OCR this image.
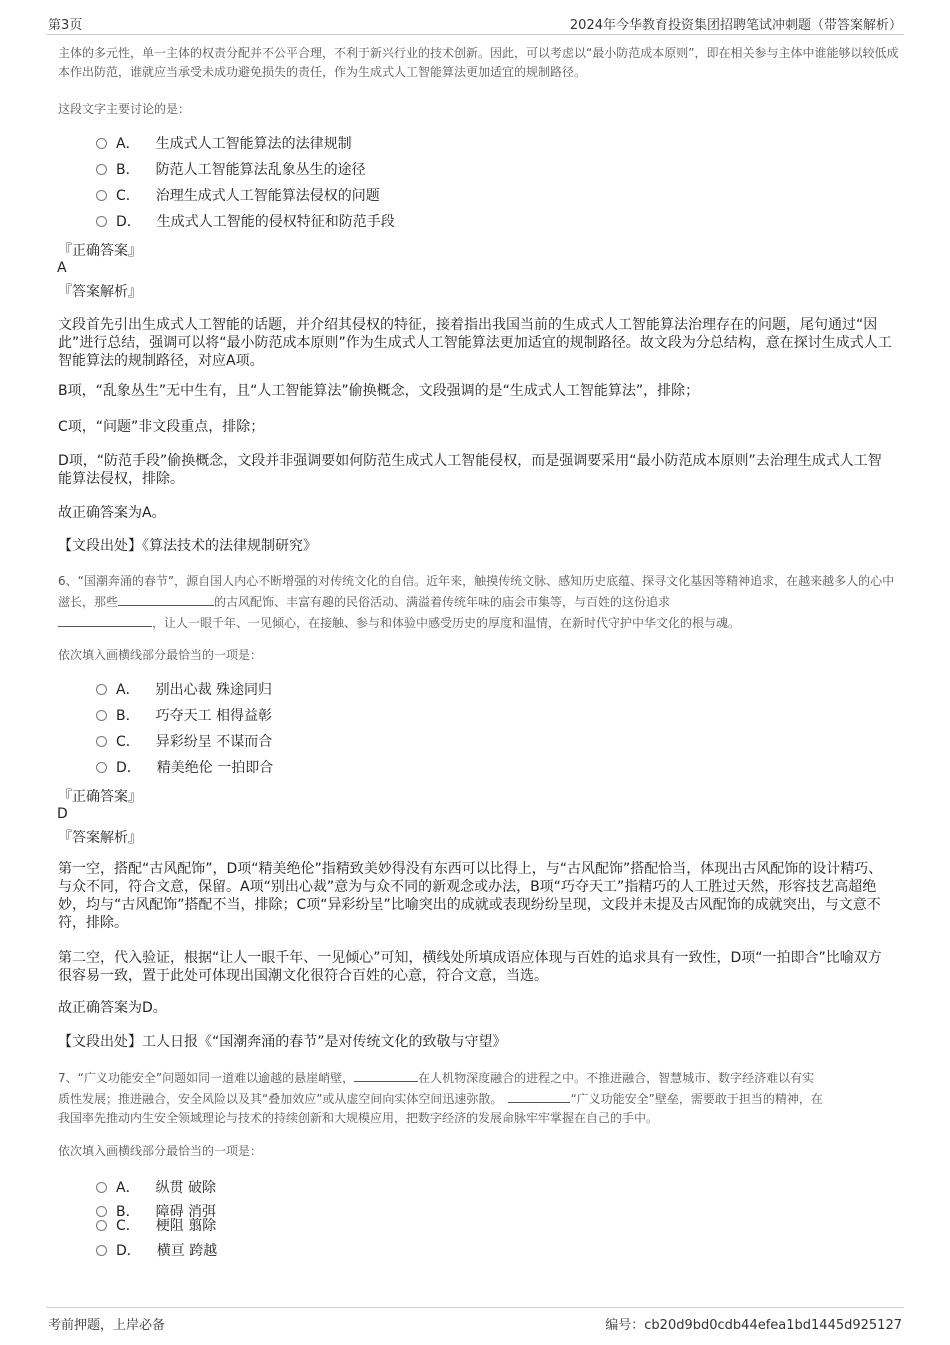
第3页	2024年今华教育投资集团招聘笔试冲刺题（带答案解析）
主体的多元性，单一主体的权责分配并不公平合理，不利于新兴行业的技术创新。因此，可以考虑以“最小防范成本原则”，即在相关参与主体中谁能够以较低成本作出防范，谁就应当承受未成功避免损失的责任，作为生成式人工智能算法更加适宜的规制路径。
这段文字主要讨论的是：
A． 生成式人工智能算法的法律规制
B． 防范人工智能算法乱象丛生的途径
C． 治理生成式人工智能算法侵权的问题
D． 生成式人工智能的侵权特征和防范手段
『正确答案』
A
『答案解析』
文段首先引出生成式人工智能的话题，并介绍其侵权的特征，接着指出我国当前的生成式人工智能算法治理存在的问题，尾句通过“因此”进行总结，强调可以将“最小防范成本原则”作为生成式人工智能算法更加适宜的规制路径。故文段为分总结构，意在探讨生成式人工智能算法的规制路径，对应A项。
B项，“乱象丛生”无中生有，且“人工智能算法”偷换概念，文段强调的是“生成式人工智能算法”，排除；
C项，“问题”非文段重点，排除；
D项，“防范手段”偷换概念，文段并非强调要如何防范生成式人工智能侵权，而是强调要采用“最小防范成本原则”去治理生成式人工智能算法侵权，排除。
故正确答案为A。
【文段出处】《算法技术的法律规制研究》
6、“国潮奔涌的春节”，源自国人内心不断增强的对传统文化的自信。近年来，触摸传统文脉、感知历史底蕴、探寻文化基因等精神追求，在越来越多人的心中滋长，那些	的古风配饰、丰富有趣的民俗活动、满溢着传统年味的庙会市集等，与百姓的这份追求
，让人一眼千年、一见倾心，在接触、参与和体验中感受历史的厚度和温情，在新时代守护中华文化的根与魂。
依次填入画横线部分最恰当的一项是：
A． 别出心裁 殊途同归
B． 巧夺天工 相得益彰
C． 异彩纷呈 不谋而合
D． 精美绝伦 一拍即合
『正确答案』
D
『答案解析』
第一空，搭配“古风配饰”，D项“精美绝伦”指精致美妙得没有东西可以比得上，与“古风配饰”搭配恰当，体现出古风配饰的设计精巧、与众不同，符合文意，保留。A项“别出心裁”意为与众不同的新观念或办法，B项“巧夺天工”指精巧的人工胜过天然，形容技艺高超绝妙，均与“古风配饰”搭配不当，排除；C项“异彩纷呈”比喻突出的成就或表现纷纷呈现，文段并未提及古风配饰的成就突出，与文意不符，排除。
第二空，代入验证，根据“让人一眼千年、一见倾心”可知，横线处所填成语应体现与百姓的追求具有一致性，D项“一拍即合”比喻双方很容易一致，置于此处可体现出国潮文化很符合百姓的心意，符合文意，当选。
故正确答案为D。
【文段出处】工人日报《“国潮奔涌的春节”是对传统文化的致敬与守望》
7、“广义功能安全”问题如同一道难以逾越的悬崖峭壁，	在人机物深度融合的进程之中。不推进融合，智慧城市、数字经济难以有实
质性发展；推进融合，安全风险以及其“叠加效应”或从虚空间向实体空间迅速弥散。	“广义功能安全”壁垒，需要敢于担当的精神，在
我国率先推动内生安全领域理论与技术的持续创新和大规模应用，把数字经济的发展命脉牢牢掌握在自己的手中。
依次填入画横线部分最恰当的一项是：
A． 纵贯 破除
B． 障碍 消弭
C． 梗阻 翦除
D． 横亘 跨越
考前押题，上岸必备	编号：cb20d9bd0cdb44efea1bd1445d925127
